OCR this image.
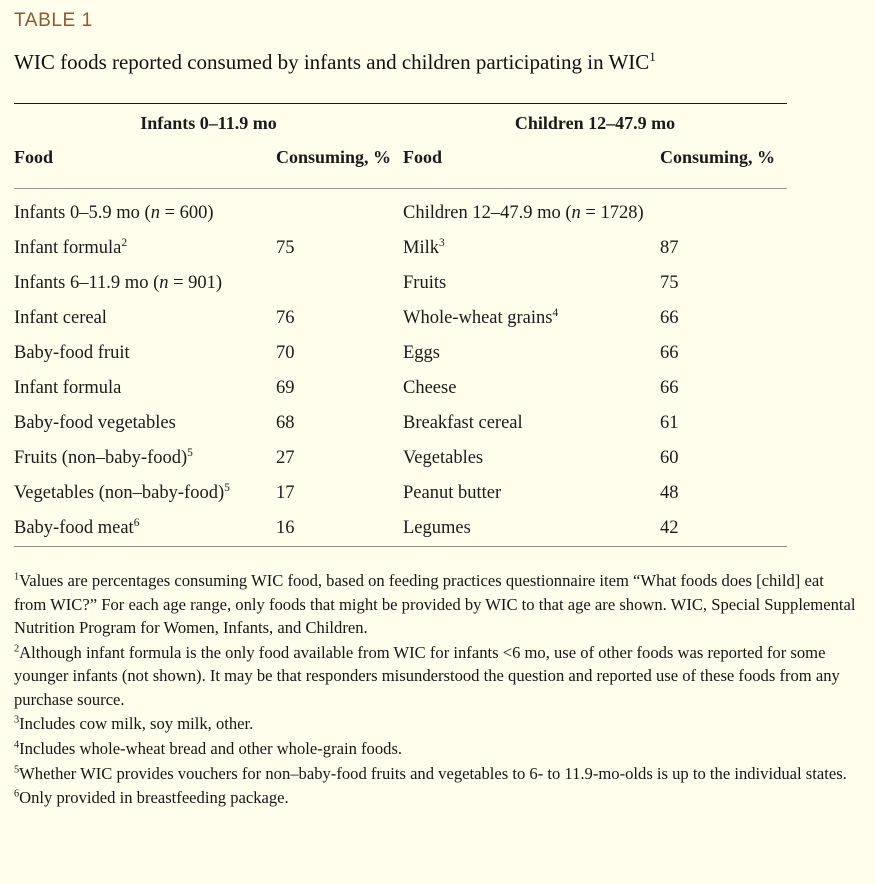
TABLE 1
WIC foods reported consumed by infants and children participating in WIC$^1$
Infants 0–11.9 mo		Children 12–47.9 mo	
Food	Consuming, %	Food	Consuming, %
Infants 0–5.9 mo (n = 600)		Children 12–47.9 mo (n = 1728)	
Infant formula$^2$	75	Milk$^3$	87
Infants 6–11.9 mo (n = 901)		Fruits	75
Infant cereal	76	Whole-wheat grains$^4$	66
Baby-food fruit	70	Eggs	66
Infant formula	69	Cheese	66
Baby-food vegetables	68	Breakfast cereal	61
Fruits (non–baby-food)$^5$	27	Vegetables	60
Vegetables (non–baby-food)$^5$	17	Peanut butter	48
Baby-food meat$^6$	16	Legumes	42

$^1$Values are percentages consuming WIC food, based on feeding practices questionnaire item “What foods does [child] eat from WIC?” For each age range, only foods that might be provided by WIC to that age are shown. WIC, Special Supplemental Nutrition Program for Women, Infants, and Children.

$^2$Although infant formula is the only food available from WIC for infants <6 mo, use of other foods was reported for some younger infants (not shown). It may be that responders misunderstood the question and reported use of these foods from any purchase source.

$^3$Includes cow milk, soy milk, other.

$^4$Includes whole-wheat bread and other whole-grain foods.

$^5$Whether WIC provides vouchers for non–baby-food fruits and vegetables to 6- to 11.9-mo-olds is up to the individual states.

$^6$Only provided in breastfeeding package.
